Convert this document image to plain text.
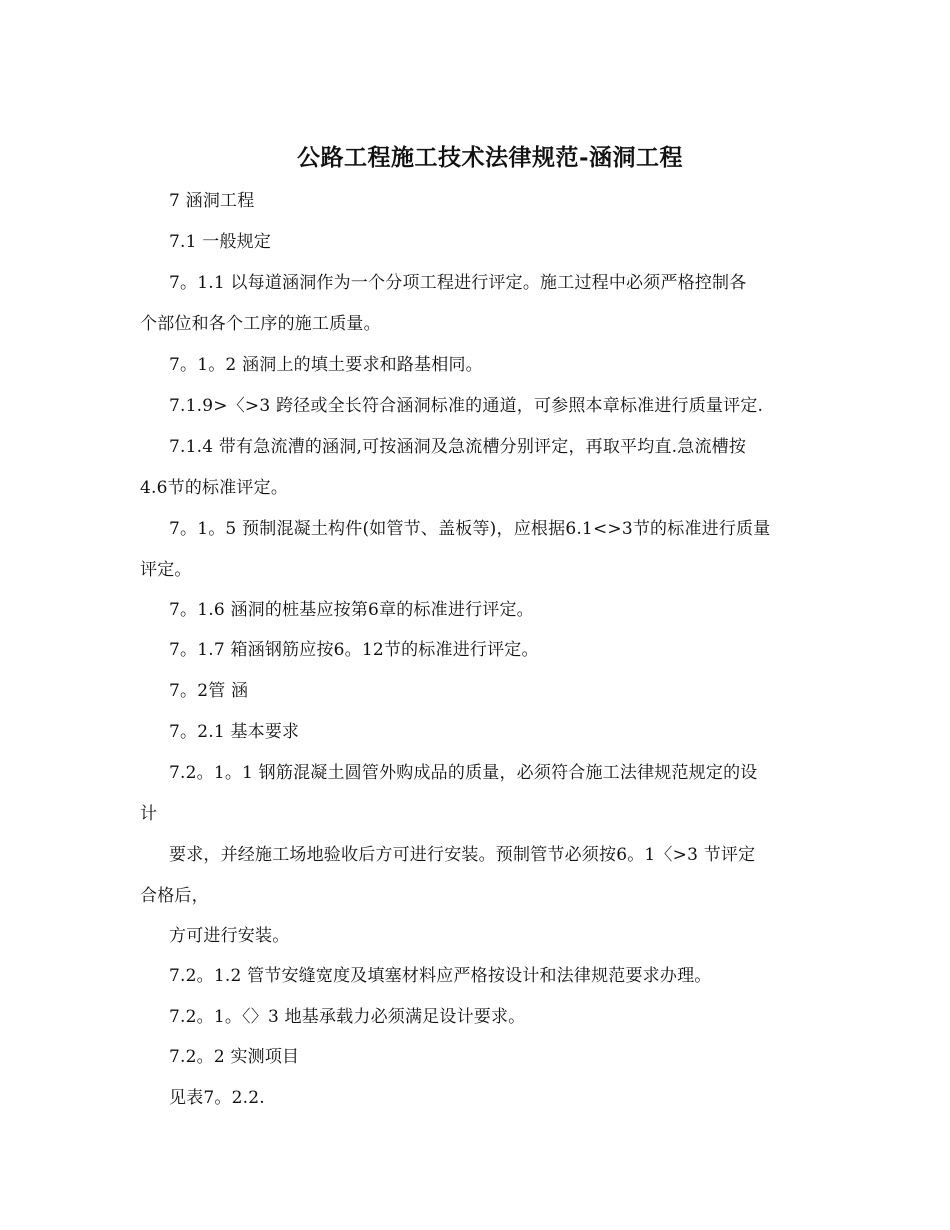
公路工程施工技术法律规范-涵洞工程
7 涵洞工程
7.1 一般规定
7。1.1 以每道涵洞作为一个分项工程进行评定。施工过程中必须严格控制各
个部位和各个工序的施工质量。
7。1。2 涵洞上的填土要求和路基相同。
7.1.9>〈>3 跨径或全长符合涵洞标准的通道，可参照本章标准进行质量评定.
7.1.4 带有急流漕的涵洞,可按涵洞及急流槽分别评定，再取平均直.急流槽按
4.6节的标准评定。
7。1。5 预制混凝土构件(如管节、盖板等)，应根据6.1<>3节的标准进行质量
评定。
7。1.6 涵洞的桩基应按第6章的标准进行评定。
7。1.7 箱涵钢筋应按6。12节的标准进行评定。
7。2管 涵
7。2.1 基本要求
7.2。1。1 钢筋混凝土圆管外购成品的质量，必须符合施工法律规范规定的设
计
要求，并经施工场地验收后方可进行安装。预制管节必须按6。1〈>3 节评定
合格后，
方可进行安装。
7.2。1.2 管节安缝宽度及填塞材料应严格按设计和法律规范要求办理。
7.2。1。〈〉3 地基承载力必须满足设计要求。
7.2。2 实测项目
见表7。2.2.
